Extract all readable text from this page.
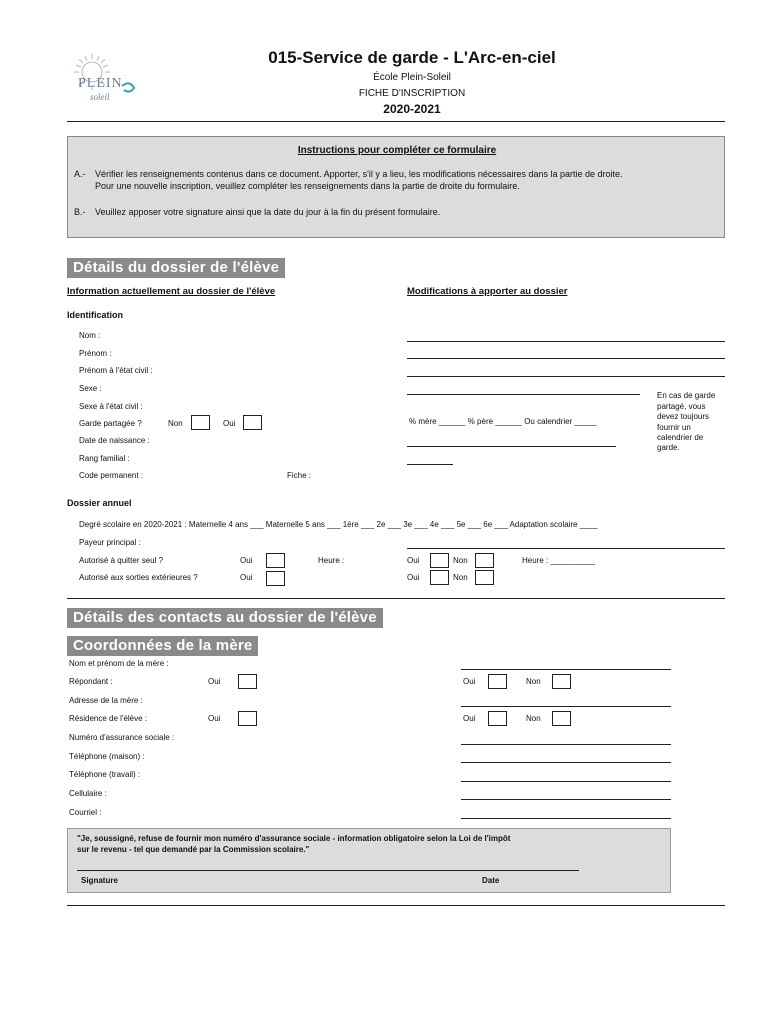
PLEIN
soleil
015-Service de garde - L'Arc-en-ciel
École Plein-Soleil
FICHE D'INSCRIPTION
2020-2021
Instructions pour compléter ce formulaire
A.- Vérifier les renseignements contenus dans ce document. Apporter, s'il y a lieu, les modifications nécessaires dans la partie de droite.
Pour une nouvelle inscription, veuillez compléter les renseignements dans la partie de droite du formulaire.
B.- Veuillez apposer votre signature ainsi que la date du jour à la fin du présent formulaire.
Détails du dossier de l'élève
Information actuellement au dossier de l'élève	Modifications à apporter au dossier
Identification
Nom :
Prénom :
Prénom à l'état civil :
Sexe :
Sexe à l'état civil :
Garde partagée ?	Non	Oui
Date de naissance :
Rang familial :
Code permanent :	Fiche :
% mère ______ % père ______ Ou calendrier _____
En cas de garde
partagé, vous
devez toujours
fournir un
calendrier de
garde.
Dossier annuel
Degré scolaire en 2020-2021 : Maternelle 4 ans ___ Maternelle 5 ans ___ 1ère ___ 2e ___ 3e ___ 4e ___ 5e ___ 6e ___ Adaptation scolaire ____
Payeur principal :
Autorisé à quitter seul ?	Oui	Heure :	Oui	Non	Heure : __________
Autorisé aux sorties extérieures ?	Oui	Oui	Non
Détails des contacts au dossier de l'élève
Coordonnées de la mère
Nom et prénom de la mère :
Répondant :	Oui	Oui	Non
Adresse de la mère :
Résidence de l'élève :	Oui	Oui	Non
Numéro d'assurance sociale :
Téléphone (maison) :
Téléphone (travail) :
Cellulaire :
Courriel :
"Je, soussigné, refuse de fournir mon numéro d'assurance sociale - information obligatoire selon la Loi de l'impôt
sur le revenu - tel que demandé par la Commission scolaire."
Signature	Date
